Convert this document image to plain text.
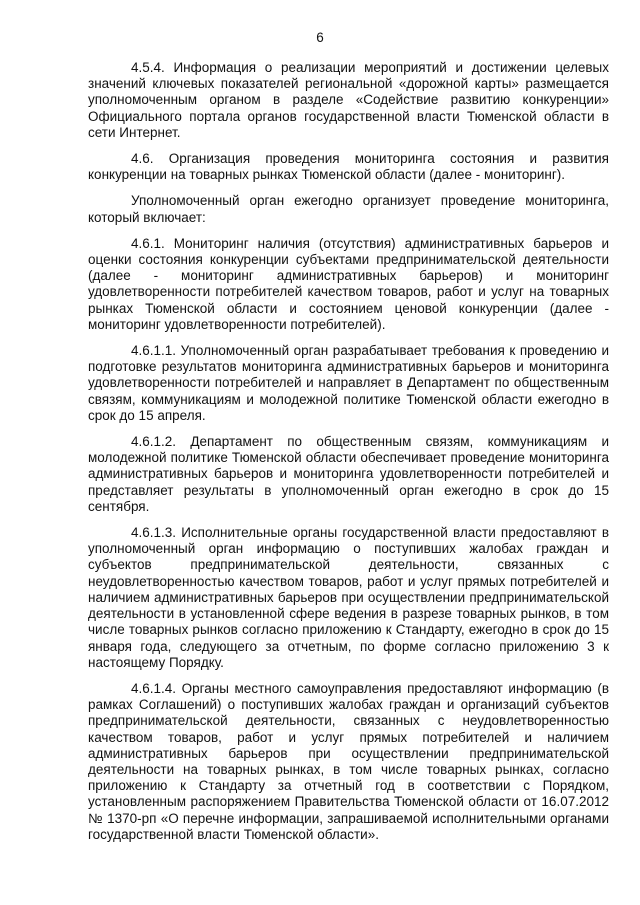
6

4.5.4. Информация о реализации мероприятий и достижении целевых значений ключевых показателей региональной «дорожной карты» размещается уполномоченным органом в разделе «Содействие развитию конкуренции» Официального портала органов государственной власти Тюменской области в сети Интернет.

4.6. Организация проведения мониторинга состояния и развития конкуренции на товарных рынках Тюменской области (далее - мониторинг).

Уполномоченный орган ежегодно организует проведение мониторинга, который включает:

4.6.1. Мониторинг наличия (отсутствия) административных барьеров и оценки состояния конкуренции субъектами предпринимательской деятельности (далее - мониторинг административных барьеров) и мониторинг удовлетворенности потребителей качеством товаров, работ и услуг на товарных рынках Тюменской области и состоянием ценовой конкуренции (далее - мониторинг удовлетворенности потребителей).

4.6.1.1. Уполномоченный орган разрабатывает требования к проведению и подготовке результатов мониторинга административных барьеров и мониторинга удовлетворенности потребителей и направляет в Департамент по общественным связям, коммуникациям и молодежной политике Тюменской области ежегодно в срок до 15 апреля.

4.6.1.2. Департамент по общественным связям, коммуникациям и молодежной политике Тюменской области обеспечивает проведение мониторинга административных барьеров и мониторинга удовлетворенности потребителей и представляет результаты в уполномоченный орган ежегодно в срок до 15 сентября.

4.6.1.3. Исполнительные органы государственной власти предоставляют в уполномоченный орган информацию о поступивших жалобах граждан и субъектов предпринимательской деятельности, связанных с неудовлетворенностью качеством товаров, работ и услуг прямых потребителей и наличием административных барьеров при осуществлении предпринимательской деятельности в установленной сфере ведения в разрезе товарных рынков, в том числе товарных рынков согласно приложению к Стандарту, ежегодно в срок до 15 января года, следующего за отчетным, по форме согласно приложению 3 к настоящему Порядку.

4.6.1.4. Органы местного самоуправления предоставляют информацию (в рамках Соглашений) о поступивших жалобах граждан и организаций субъектов предпринимательской деятельности, связанных с неудовлетворенностью качеством товаров, работ и услуг прямых потребителей и наличием административных барьеров при осуществлении предпринимательской деятельности на товарных рынках, в том числе товарных рынках, согласно приложению к Стандарту за отчетный год в соответствии с Порядком, установленным распоряжением Правительства Тюменской области от 16.07.2012 № 1370-рп «О перечне информации, запрашиваемой исполнительными органами государственной власти Тюменской области».
